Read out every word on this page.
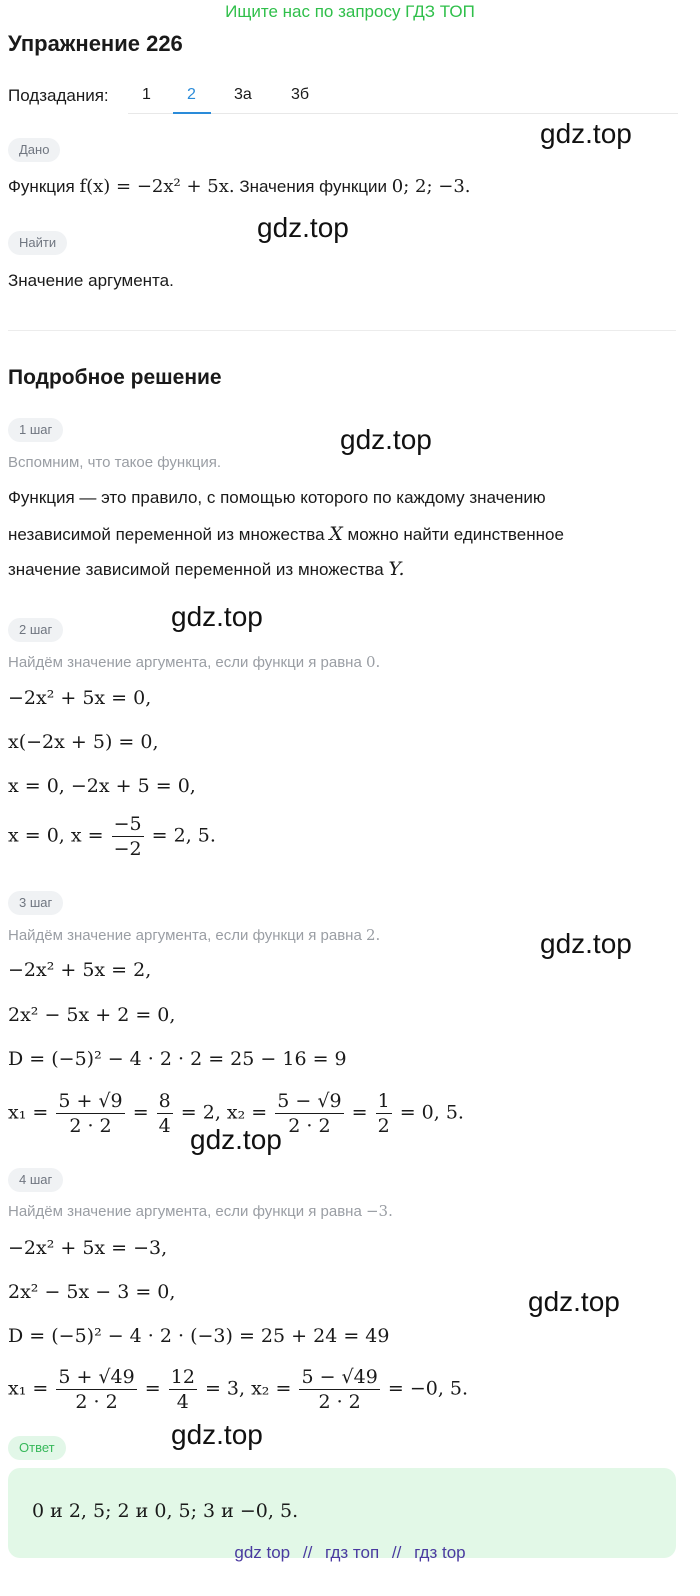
Ищите нас по запросу ГДЗ ТОП
Упражнение 226
Подзадания: 1 2 3а 3б
Дано
Функция f(x) = −2x² + 5x. Значения функции 0; 2; −3.
Найти
Значение аргумента.
Подробное решение
1 шаг
Вспомним, что такое функция.
Функция — это правило, с помощью которого по каждому значению
независимой переменной из множества X можно найти единственное
значение зависимой переменной из множества Y.
2 шаг
Найдём значение аргумента, если функци я равна 0.
−2x² + 5x = 0,
x(−2x + 5) = 0,
x = 0, −2x + 5 = 0,
x = 0, $x = \frac{-5}{-2} = 2$, 5.
3 шаг
Найдём значение аргумента, если функци я равна 2.
−2x² + 5x = 2,
2x² − 5x + 2 = 0,
D = (−5)² − 4 · 2 · 2 = 25 − 16 = 9
$x_1 = \frac{5 + √9}{2 \cdot 2} = \frac{8}{4} = 2$, $x_2 = \frac{5 - √9}{2 \cdot 2} = \frac{1}{2} = 0$, 5.
4 шаг
Найдём значение аргумента, если функци я равна −3.
−2x² + 5x = −3,
2x² − 5x − 3 = 0,
D = (−5)² − 4 · 2 · (−3) = 25 + 24 = 49
$x_1 = \frac{5 + √49}{2 \cdot 2} = \frac{12}{4} = 3$, $x_2 = \frac{5 - √49}{2 \cdot 2} = -0$, 5.
Ответ
0 и 2, 5; 2 и 0, 5; 3 и −0, 5.
gdz.top
gdz.top
gdz.top
gdz.top
gdz.top
gdz.top
gdz.top
gdz.top
gdz top // гдз топ // гдз top
